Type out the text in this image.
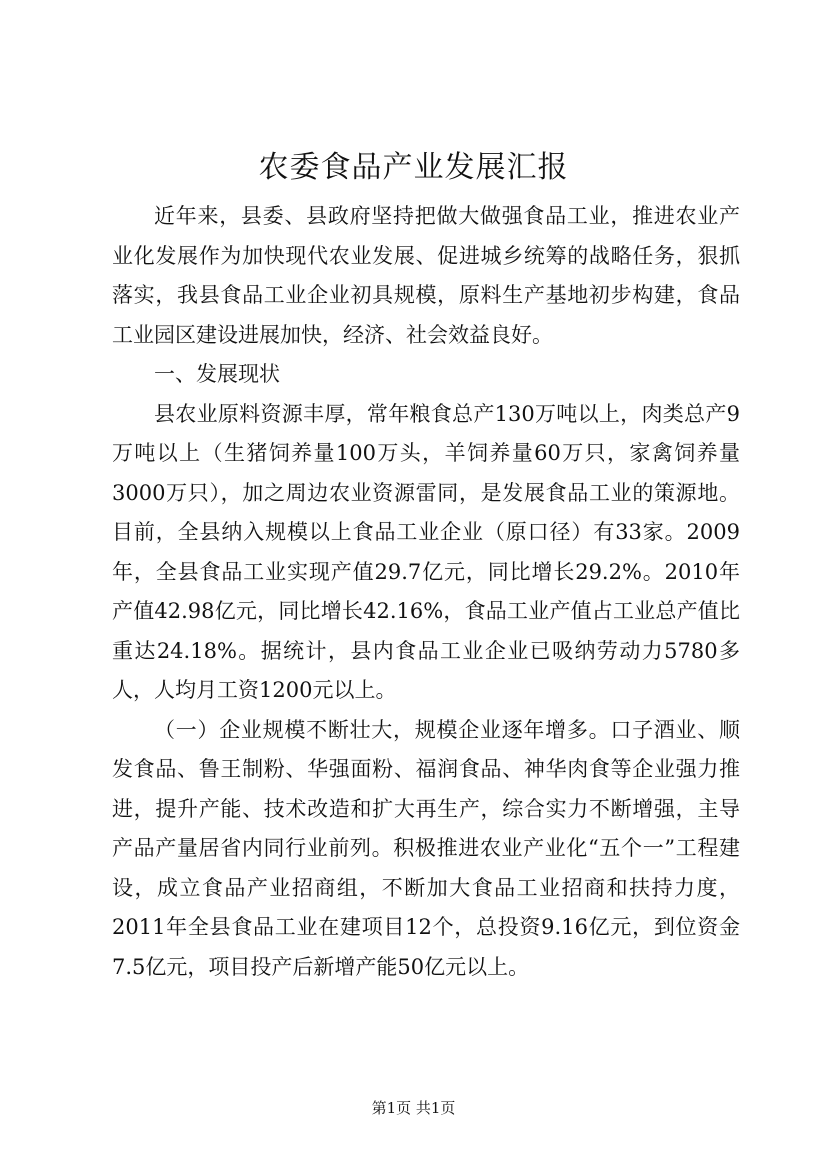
农委食品产业发展汇报

近年来，县委、县政府坚持把做大做强食品工业，推进农业产业化发展作为加快现代农业发展、促进城乡统筹的战略任务，狠抓落实，我县食品工业企业初具规模，原料生产基地初步构建，食品工业园区建设进展加快，经济、社会效益良好。

一、发展现状

县农业原料资源丰厚，常年粮食总产130万吨以上，肉类总产9万吨以上（生猪饲养量100万头，羊饲养量60万只，家禽饲养量3000万只），加之周边农业资源雷同，是发展食品工业的策源地。目前，全县纳入规模以上食品工业企业（原口径）有33家。2009年，全县食品工业实现产值29.7亿元，同比增长29.2%。2010年产值42.98亿元，同比增长42.16%，食品工业产值占工业总产值比重达24.18%。据统计，县内食品工业企业已吸纳劳动力5780多人，人均月工资1200元以上。

（一）企业规模不断壮大，规模企业逐年增多。口子酒业、顺发食品、鲁王制粉、华强面粉、福润食品、神华肉食等企业强力推进，提升产能、技术改造和扩大再生产，综合实力不断增强，主导产品产量居省内同行业前列。积极推进农业产业化“五个一”工程建设，成立食品产业招商组，不断加大食品工业招商和扶持力度，2011年全县食品工业在建项目12个，总投资9.16亿元，到位资金7.5亿元，项目投产后新增产能50亿元以上。

第1页 共1页
